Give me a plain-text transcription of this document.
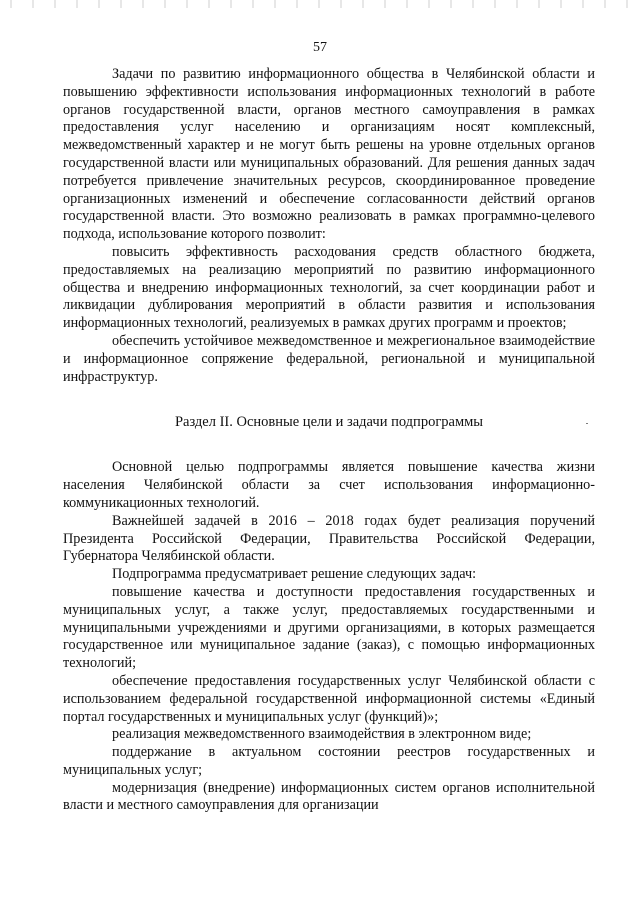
57

Задачи по развитию информационного общества в Челябинской области и повышению эффективности использования информационных технологий в работе органов государственной власти, органов местного самоуправления в рамках предоставления услуг населению и организациям носят комплексный, межведомственный характер и не могут быть решены на уровне отдельных органов государственной власти или муниципальных образований. Для решения данных задач потребуется привлечение значительных ресурсов, скоординированное проведение организационных изменений и обеспечение согласованности действий органов государственной власти. Это возможно реализовать в рамках программно-целевого подхода, использование которого позволит:

повысить эффективность расходования средств областного бюджета, предоставляемых на реализацию мероприятий по развитию информационного общества и внедрению информационных технологий, за счет координации работ и ликвидации дублирования мероприятий в области развития и использования информационных технологий, реализуемых в рамках других программ и проектов;

обеспечить устойчивое межведомственное и межрегиональное взаимодействие и информационное сопряжение федеральной, региональной и муниципальной инфраструктур.

Раздел II. Основные цели и задачи подпрограммы

Основной целью подпрограммы является повышение качества жизни населения Челябинской области за счет использования информационно-коммуникационных технологий.

Важнейшей задачей в 2016 – 2018 годах будет реализация поручений Президента Российской Федерации, Правительства Российской Федерации, Губернатора Челябинской области.

Подпрограмма предусматривает решение следующих задач:

повышение качества и доступности предоставления государственных и муниципальных услуг, а также услуг, предоставляемых государственными и муниципальными учреждениями и другими организациями, в которых размещается государственное или муниципальное задание (заказ), с помощью информационных технологий;

обеспечение предоставления государственных услуг Челябинской области с использованием федеральной государственной информационной системы «Единый портал государственных и муниципальных услуг (функций)»;

реализация межведомственного взаимодействия в электронном виде;

поддержание в актуальном состоянии реестров государственных и муниципальных услуг;

модернизация (внедрение) информационных систем органов исполнительной власти и местного самоуправления для организации
